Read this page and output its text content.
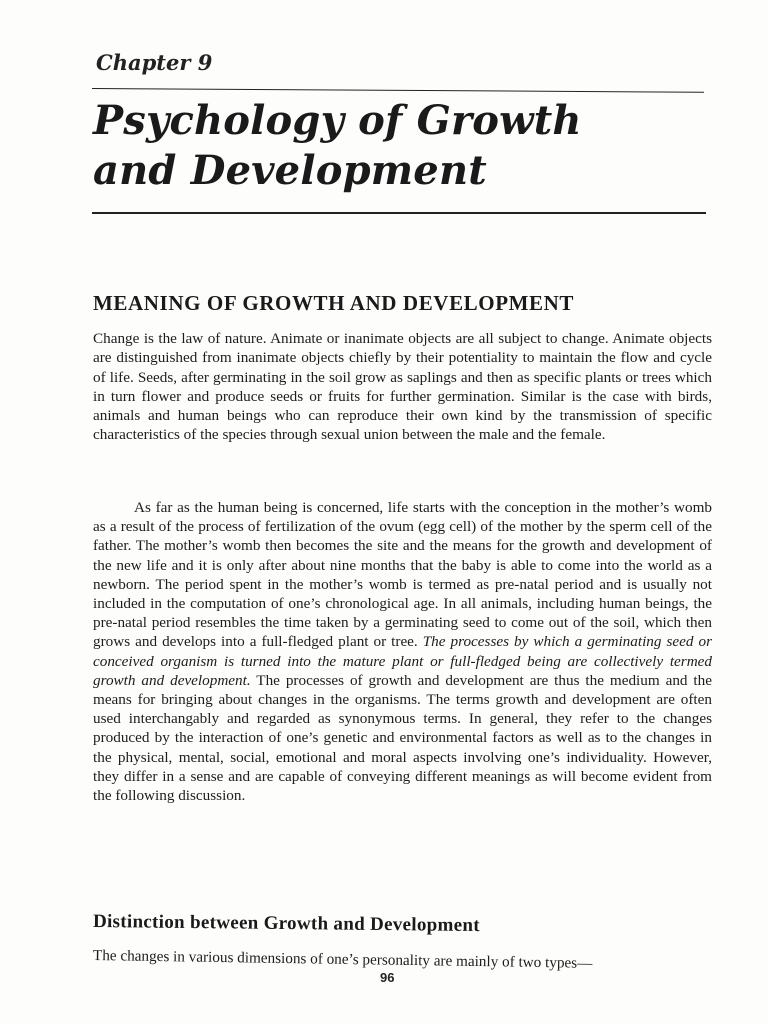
Chapter 9

Psychology of Growth
and Development
MEANING OF GROWTH AND DEVELOPMENT

Change is the law of nature. Animate or inanimate objects are all subject to change. Animate objects are distinguished from inanimate objects chiefly by their potentiality to maintain the flow and cycle of life. Seeds, after germinating in the soil grow as saplings and then as specific plants or trees which in turn flower and produce seeds or fruits for further germination. Similar is the case with birds, animals and human beings who can reproduce their own kind by the transmission of specific characteristics of the species through sexual union between the male and the female.

As far as the human being is concerned, life starts with the conception in the mother’s womb as a result of the process of fertilization of the ovum (egg cell) of the mother by the sperm cell of the father. The mother’s womb then becomes the site and the means for the growth and development of the new life and it is only after about nine months that the baby is able to come into the world as a newborn. The period spent in the mother’s womb is termed as pre-natal period and is usually not included in the computation of one’s chronological age. In all animals, including human beings, the pre-natal period resembles the time taken by a germinating seed to come out of the soil, which then grows and develops into a full-fledged plant or tree. The processes by which a germinating seed or conceived organism is turned into the mature plant or full-fledged being are collectively termed growth and development. The processes of growth and development are thus the medium and the means for bringing about changes in the organisms. The terms growth and development are often used interchangably and regarded as synonymous terms. In general, they refer to the changes produced by the interaction of one’s genetic and environmental factors as well as to the changes in the physical, mental, social, emotional and moral aspects involving one’s individuality. However, they differ in a sense and are capable of conveying different meanings as will become evident from the following discussion.

Distinction between Growth and Development

The changes in various dimensions of one’s personality are mainly of two types—

96
